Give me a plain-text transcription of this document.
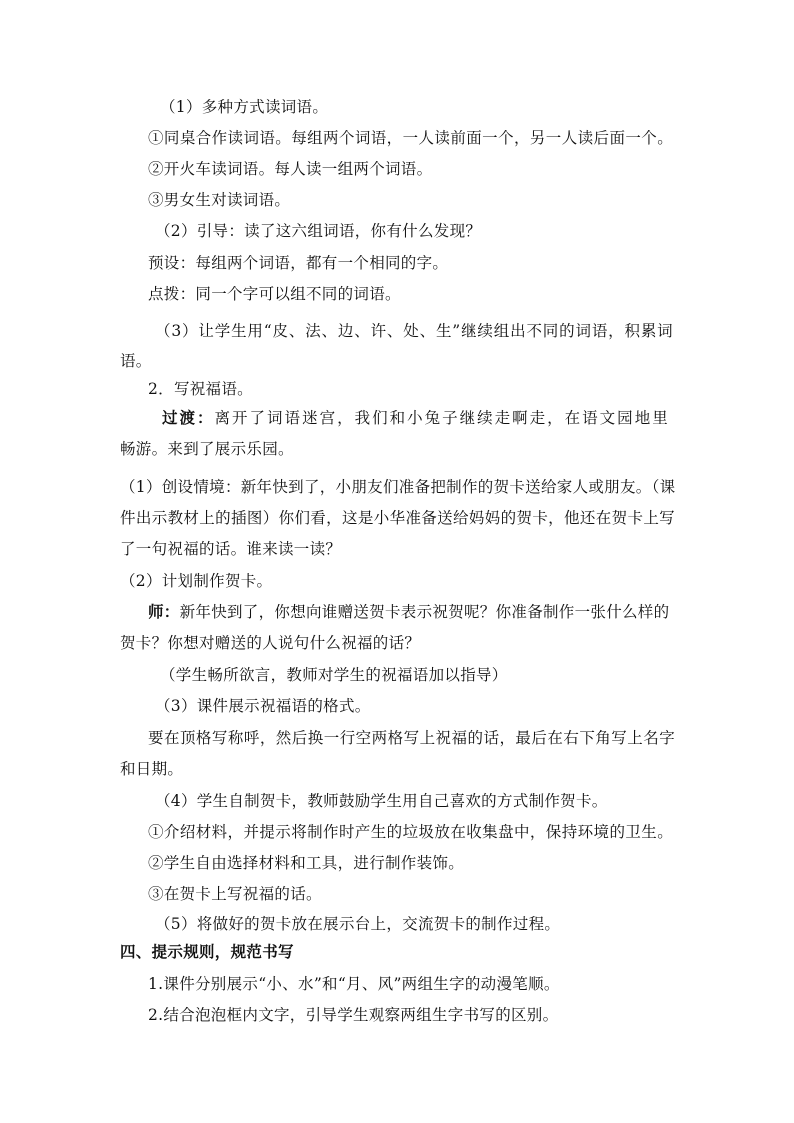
（1）多种方式读词语。

①同桌合作读词语。每组两个词语，一人读前面一个，另一人读后面一个。

②开火车读词语。每人读一组两个词语。

③男女生对读词语。

（2）引导：读了这六组词语，你有什么发现？

预设：每组两个词语，都有一个相同的字。

点拨：同一个字可以组不同的词语。

（3）让学生用“皮、法、边、许、处、生”继续组出不同的词语，积累词

语。

2．写祝福语。

过渡：离开了词语迷宫，我们和小兔子继续走啊走，在语文园地里

畅游。来到了展示乐园。

（1）创设情境：新年快到了，小朋友们准备把制作的贺卡送给家人或朋友。（课

件出示教材上的插图）你们看，这是小华准备送给妈妈的贺卡，他还在贺卡上写

了一句祝福的话。谁来读一读？

（2）计划制作贺卡。

师：新年快到了，你想向谁赠送贺卡表示祝贺呢？你准备制作一张什么样的

贺卡？你想对赠送的人说句什么祝福的话？

（学生畅所欲言，教师对学生的祝福语加以指导）

（3）课件展示祝福语的格式。

要在顶格写称呼，然后换一行空两格写上祝福的话，最后在右下角写上名字

和日期。

（4）学生自制贺卡，教师鼓励学生用自己喜欢的方式制作贺卡。

①介绍材料，并提示将制作时产生的垃圾放在收集盘中，保持环境的卫生。

②学生自由选择材料和工具，进行制作装饰。

③在贺卡上写祝福的话。

（5）将做好的贺卡放在展示台上，交流贺卡的制作过程。

四、提示规则，规范书写

1.课件分别展示“小、水”和“月、风”两组生字的动漫笔顺。

2.结合泡泡框内文字，引导学生观察两组生字书写的区别。
